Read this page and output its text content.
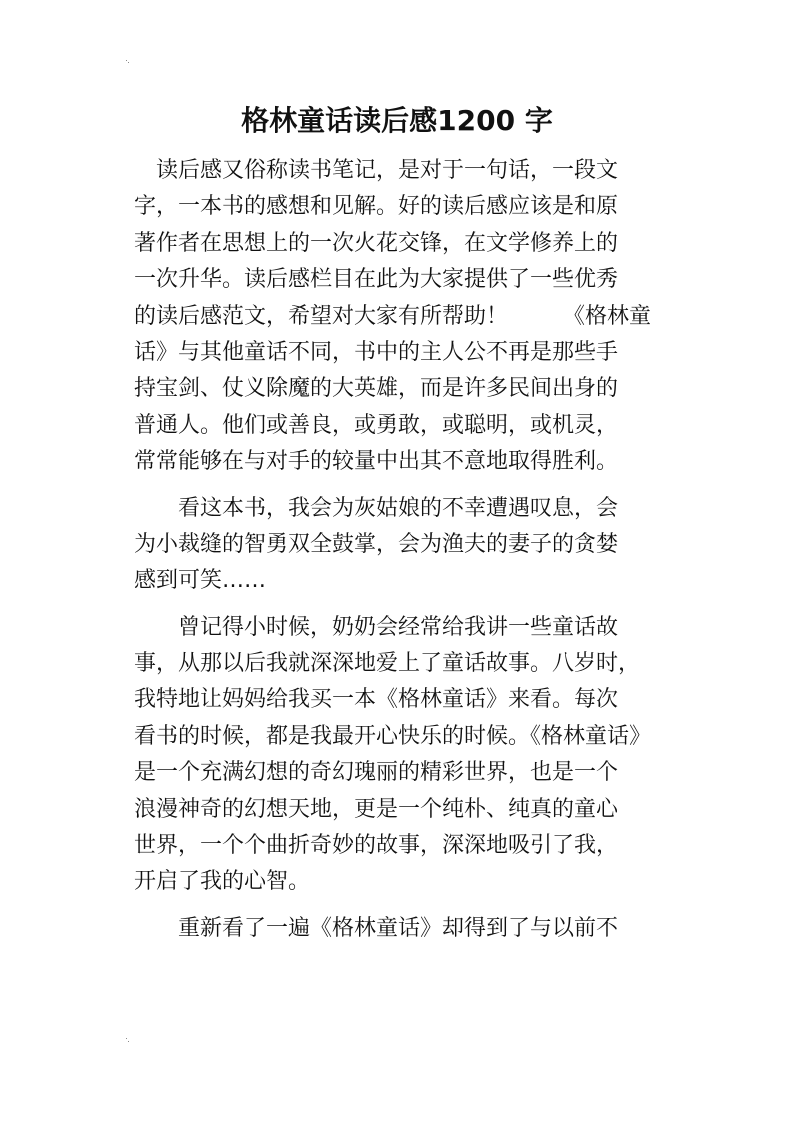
格林童话读后感1200 字
　读后感又俗称读书笔记，是对于一句话，一段文
字，一本书的感想和见解。好的读后感应该是和原
著作者在思想上的一次火花交锋，在文学修养上的
一次升华。读后感栏目在此为大家提供了一些优秀
的读后感范文，希望对大家有所帮助！　　　《格林童
话》与其他童话不同，书中的主人公不再是那些手
持宝剑、仗义除魔的大英雄，而是许多民间出身的
普通人。他们或善良，或勇敢，或聪明，或机灵，
常常能够在与对手的较量中出其不意地取得胜利。
　　看这本书，我会为灰姑娘的不幸遭遇叹息，会
为小裁缝的智勇双全鼓掌，会为渔夫的妻子的贪婪
感到可笑……
　　曾记得小时候，奶奶会经常给我讲一些童话故
事，从那以后我就深深地爱上了童话故事。八岁时，
我特地让妈妈给我买一本《格林童话》来看。每次
看书的时候，都是我最开心快乐的时候。《格林童话》
是一个充满幻想的奇幻瑰丽的精彩世界，也是一个
浪漫神奇的幻想天地，更是一个纯朴、纯真的童心
世界，一个个曲折奇妙的故事，深深地吸引了我，
开启了我的心智。
　　重新看了一遍《格林童话》却得到了与以前不
